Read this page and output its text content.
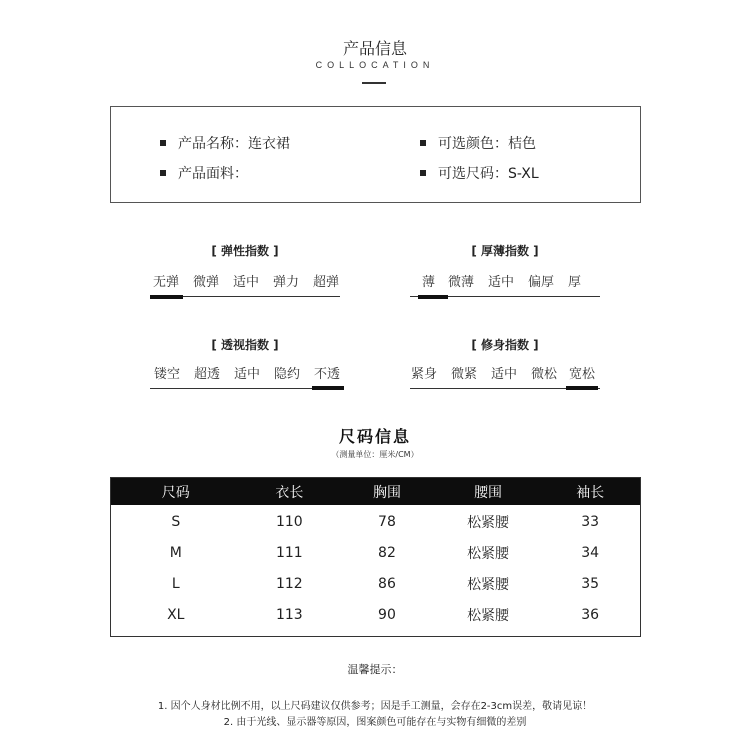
产品信息
COLLOCATION
产品名称：连衣裙
产品面料：
可选颜色：桔色
可选尺码：S-XL
[ 弹性指数 ]
无弹	微弹	适中	弹力	超弹
[ 厚薄指数 ]
薄 微薄	适中	偏厚	厚
[ 透视指数 ]
镂空	超透	适中	隐约	不透
[ 修身指数 ]
紧身	微紧	适中	微松 宽松
尺码信息
（测量单位：厘米/CM）
尺码	衣长	胸围	腰围	袖长
S	110	78	松紧腰	33
M	111	82	松紧腰	34
L	112	86	松紧腰	35
XL	113	90	松紧腰	36
温馨提示：
1. 因个人身材比例不用，以上尺码建议仅供参考；因是手工测量，会存在2-3cm误差，敬请见谅！
2. 由于光线、显示器等原因，图案颜色可能存在与实物有细微的差别
